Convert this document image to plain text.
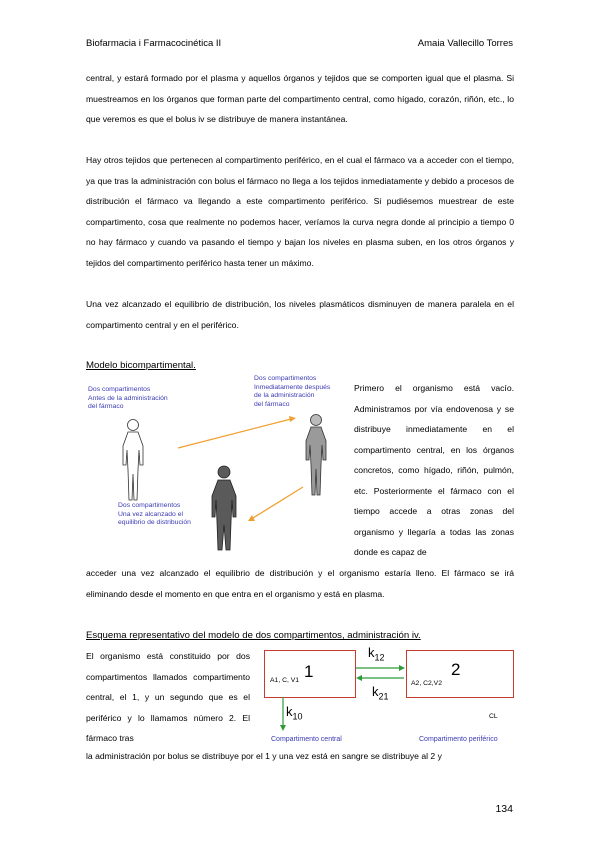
Biofarmacia i Farmacocinética II	Amaia Vallecillo Torres

central, y estará formado por el plasma y aquellos órganos y tejidos que se comporten igual que el plasma. Si muestreamos en los órganos que forman parte del compartimento central, como hígado, corazón, riñón, etc., lo que veremos es que el bolus iv se distribuye de manera instantánea.

Hay otros tejidos que pertenecen al compartimento periférico, en el cual el fármaco va a acceder con el tiempo, ya que tras la administración con bolus el fármaco no llega a los tejidos inmediatamente y debido a procesos de distribución el fármaco va llegando a este compartimento periférico. Si pudiésemos muestrear de este compartimento, cosa que realmente no podemos hacer, veríamos la curva negra donde al principio a tiempo 0 no hay fármaco y cuando va pasando el tiempo y bajan los niveles en plasma suben, en los otros órganos y tejidos del compartimento periférico hasta tener un máximo.

Una vez alcanzado el equilibrio de distribución, los niveles plasmáticos disminuyen de manera paralela en el compartimento central y en el periférico.

Modelo bicompartimental.

Dos compartimentos
Antes de la administración
del fármaco
Dos compartimentos
Inmediatamente después
de la administración
del fármaco
Dos compartimentos
Una vez alcanzado el
equilibrio de distribución

Primero el organismo está vacío. Administramos por vía endovenosa y se distribuye inmediatamente en el compartimento central, en los órganos concretos, como hígado, riñón, pulmón, etc. Posteriormente el fármaco con el tiempo accede a otras zonas del organismo y llegaría a todas las zonas donde es capaz de

acceder una vez alcanzado el equilibrio de distribución y el organismo estaría lleno. El fármaco se irá eliminando desde el momento en que entra en el organismo y está en plasma.

Esquema representativo del modelo de dos compartimentos, administración iv.

El organismo está constituido por dos compartimentos llamados compartimento central, el 1, y un segundo que es el periférico y lo llamamos número 2. El fármaco tras

A1, C, V1 1
A2, C2,V2
2
$k_{12}$
$k_{21}$
$k_{10}$	CL
Compartimento central	Compartimento periférico

la administración por bolus se distribuye por el 1 y una vez está en sangre se distribuye al 2 y

134
